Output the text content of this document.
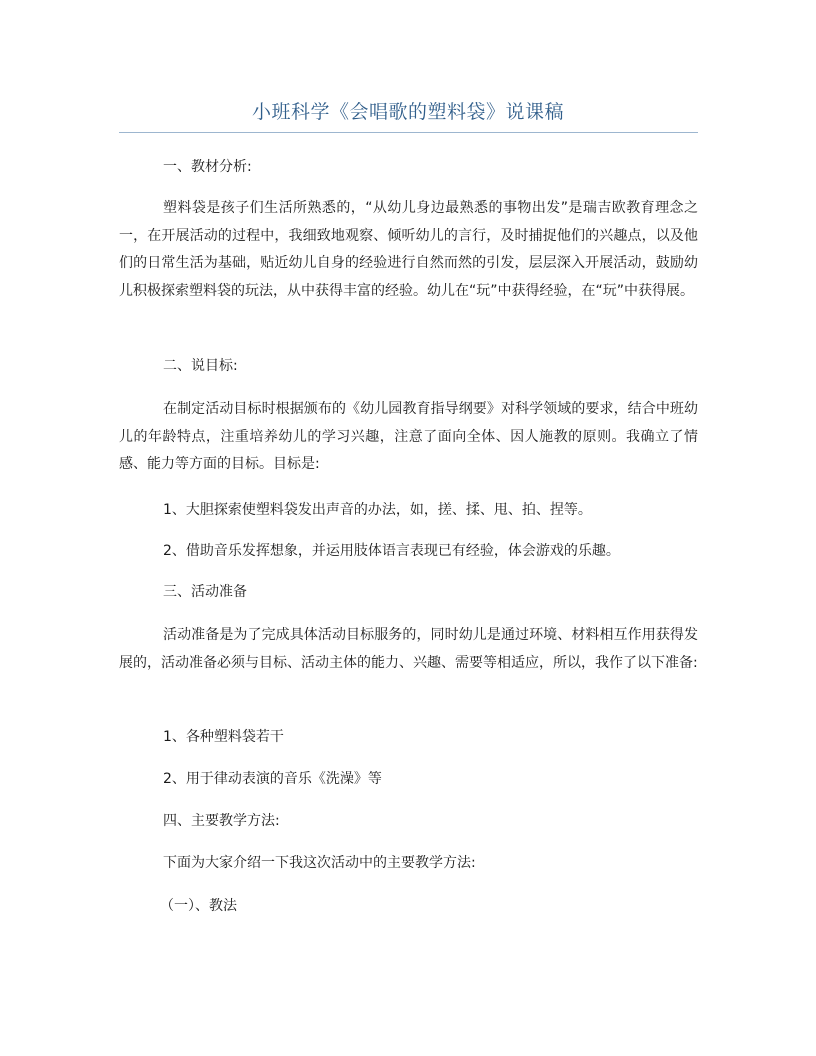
小班科学《会唱歌的塑料袋》说课稿
一、教材分析:
塑料袋是孩子们生活所熟悉的，“从幼儿身边最熟悉的事物出发”是瑞吉欧教育理念之一，在开展活动的过程中，我细致地观察、倾听幼儿的言行，及时捕捉他们的兴趣点，以及他们的日常生活为基础，贴近幼儿自身的经验进行自然而然的引发，层层深入开展活动，鼓励幼儿积极探索塑料袋的玩法，从中获得丰富的经验。幼儿在“玩”中获得经验，在“玩”中获得展。
二、说目标:
在制定活动目标时根据颁布的《幼儿园教育指导纲要》对科学领域的要求，结合中班幼儿的年龄特点，注重培养幼儿的学习兴趣，注意了面向全体、因人施教的原则。我确立了情感、能力等方面的目标。目标是:
1、大胆探索使塑料袋发出声音的办法，如，搓、揉、甩、拍、捏等。
2、借助音乐发挥想象，并运用肢体语言表现已有经验，体会游戏的乐趣。
三、活动准备
活动准备是为了完成具体活动目标服务的，同时幼儿是通过环境、材料相互作用获得发展的，活动准备必须与目标、活动主体的能力、兴趣、需要等相适应，所以，我作了以下准备:
1、各种塑料袋若干
2、用于律动表演的音乐《洗澡》等
四、主要教学方法:
下面为大家介绍一下我这次活动中的主要教学方法:
（一）、教法
